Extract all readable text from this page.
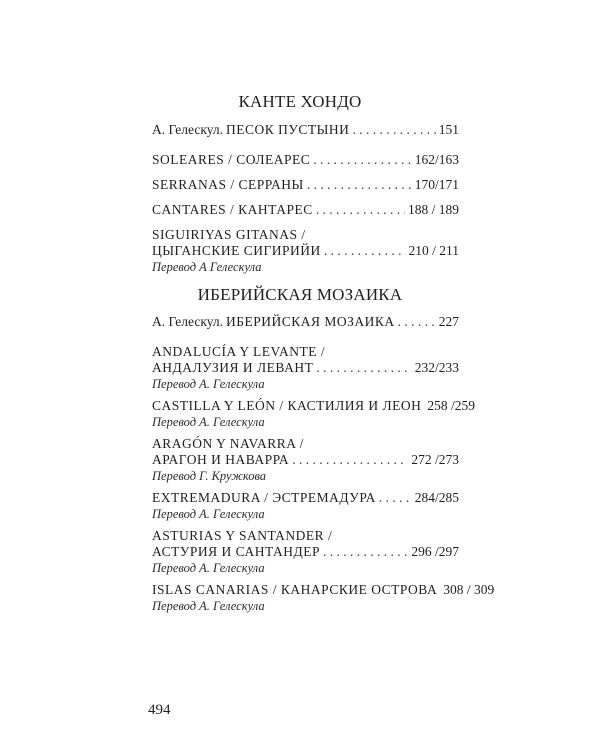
КАНТЕ ХОНДО
А. Гелескул. ПЕСОК ПУСТЫНИ . . .	151
SOLEARES / СОЛЕАРЕС . . .	162/163
SERRANAS / СЕРРАНЫ . . .	170/171
CANTARES / КАНТАРЕС . . .	188 / 189
SIGUIRIYAS GITANAS /
ЦЫГАНСКИЕ СИГИРИЙИ . . .	210 / 211
Перевод А Гелескула
ИБЕРИЙСКАЯ МОЗАИКА
А. Гелескул. ИБЕРИЙСКАЯ МОЗАИКА . . .	227
ANDALUCÍA Y LEVANTE /
АНДАЛУЗИЯ И ЛЕВАНТ . . .	232/233
Перевод А. Гелескула
CASTILLA Y LEÓN / КАСТИЛИЯ И ЛЕОН 258 /259
Перевод А. Гелескула
ARAGÓN Y NAVARRA /
АРАГОН И НАВАРРА . . .	272 /273
Перевод Г. Кружкова
EXTREMADURA / ЭСТРЕМАДУРА . . .	284/285
Перевод А. Гелескула
ASTURIAS Y SANTANDER /
АСТУРИЯ И САНТАНДЕР . . .	296 /297
Перевод А. Гелескула
ISLAS CANARIAS / КАНАРСКИЕ ОСТРОВА 308 / 309
Перевод А. Гелескула
494
